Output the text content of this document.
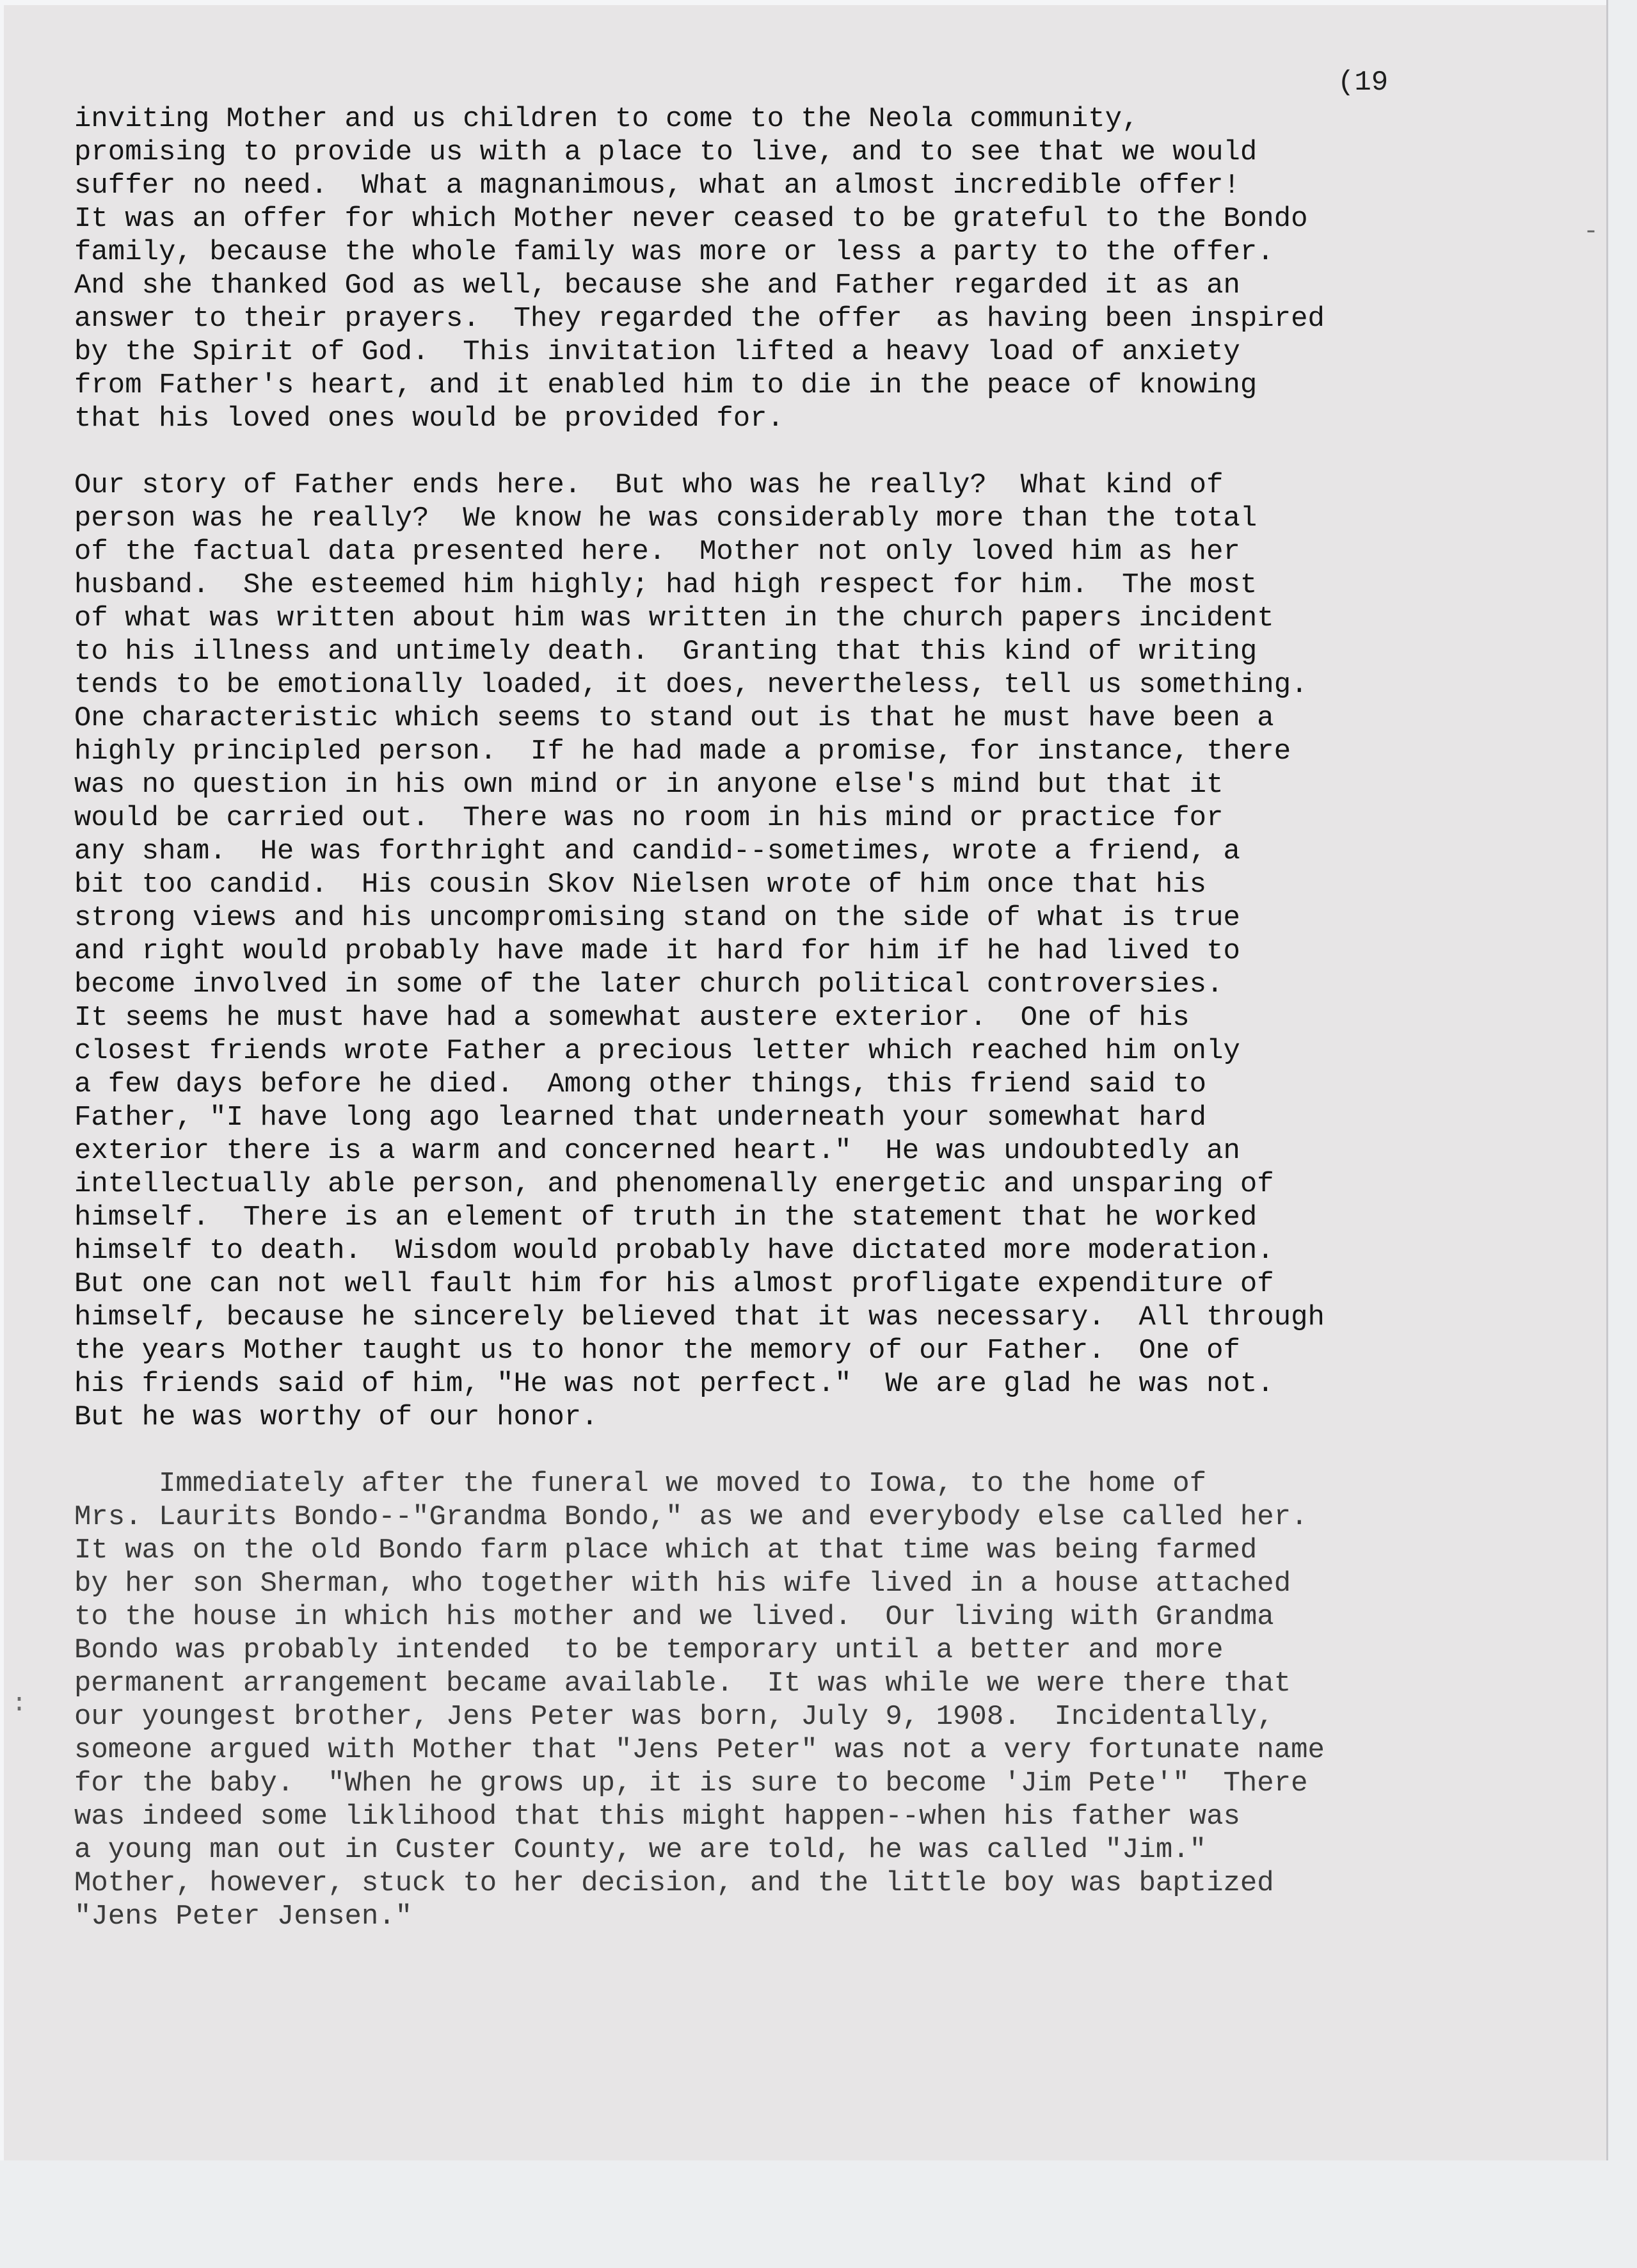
(19
inviting Mother and us children to come to the Neola community,
promising to provide us with a place to live, and to see that we would
suffer no need.  What a magnanimous, what an almost incredible offer!
It was an offer for which Mother never ceased to be grateful to the Bondo
family, because the whole family was more or less a party to the offer.
And she thanked God as well, because she and Father regarded it as an
answer to their prayers.  They regarded the offer  as having been inspired
by the Spirit of God.  This invitation lifted a heavy load of anxiety
from Father's heart, and it enabled him to die in the peace of knowing
that his loved ones would be provided for.
Our story of Father ends here.  But who was he really?  What kind of
person was he really?  We know he was considerably more than the total
of the factual data presented here.  Mother not only loved him as her
husband.  She esteemed him highly; had high respect for him.  The most
of what was written about him was written in the church papers incident
to his illness and untimely death.  Granting that this kind of writing
tends to be emotionally loaded, it does, nevertheless, tell us something.
One characteristic which seems to stand out is that he must have been a
highly principled person.  If he had made a promise, for instance, there
was no question in his own mind or in anyone else's mind but that it
would be carried out.  There was no room in his mind or practice for
any sham.  He was forthright and candid--sometimes, wrote a friend, a
bit too candid.  His cousin Skov Nielsen wrote of him once that his
strong views and his uncompromising stand on the side of what is true
and right would probably have made it hard for him if he had lived to
become involved in some of the later church political controversies.
It seems he must have had a somewhat austere exterior.  One of his
closest friends wrote Father a precious letter which reached him only
a few days before he died.  Among other things, this friend said to
Father, "I have long ago learned that underneath your somewhat hard
exterior there is a warm and concerned heart."  He was undoubtedly an
intellectually able person, and phenomenally energetic and unsparing of
himself.  There is an element of truth in the statement that he worked
himself to death.  Wisdom would probably have dictated more moderation.
But one can not well fault him for his almost profligate expenditure of
himself, because he sincerely believed that it was necessary.  All through
the years Mother taught us to honor the memory of our Father.  One of
his friends said of him, "He was not perfect."  We are glad he was not.
But he was worthy of our honor.
Immediately after the funeral we moved to Iowa, to the home of
Mrs. Laurits Bondo--"Grandma Bondo," as we and everybody else called her.
It was on the old Bondo farm place which at that time was being farmed
by her son Sherman, who together with his wife lived in a house attached
to the house in which his mother and we lived.  Our living with Grandma
Bondo was probably intended  to be temporary until a better and more
permanent arrangement became available.  It was while we were there that
our youngest brother, Jens Peter was born, July 9, 1908.  Incidentally,
someone argued with Mother that "Jens Peter" was not a very fortunate name
for the baby.  "When he grows up, it is sure to become 'Jim Pete'"  There
was indeed some liklihood that this might happen--when his father was
a young man out in Custer County, we are told, he was called "Jim."
Mother, however, stuck to her decision, and the little boy was baptized
"Jens Peter Jensen."
-
:
